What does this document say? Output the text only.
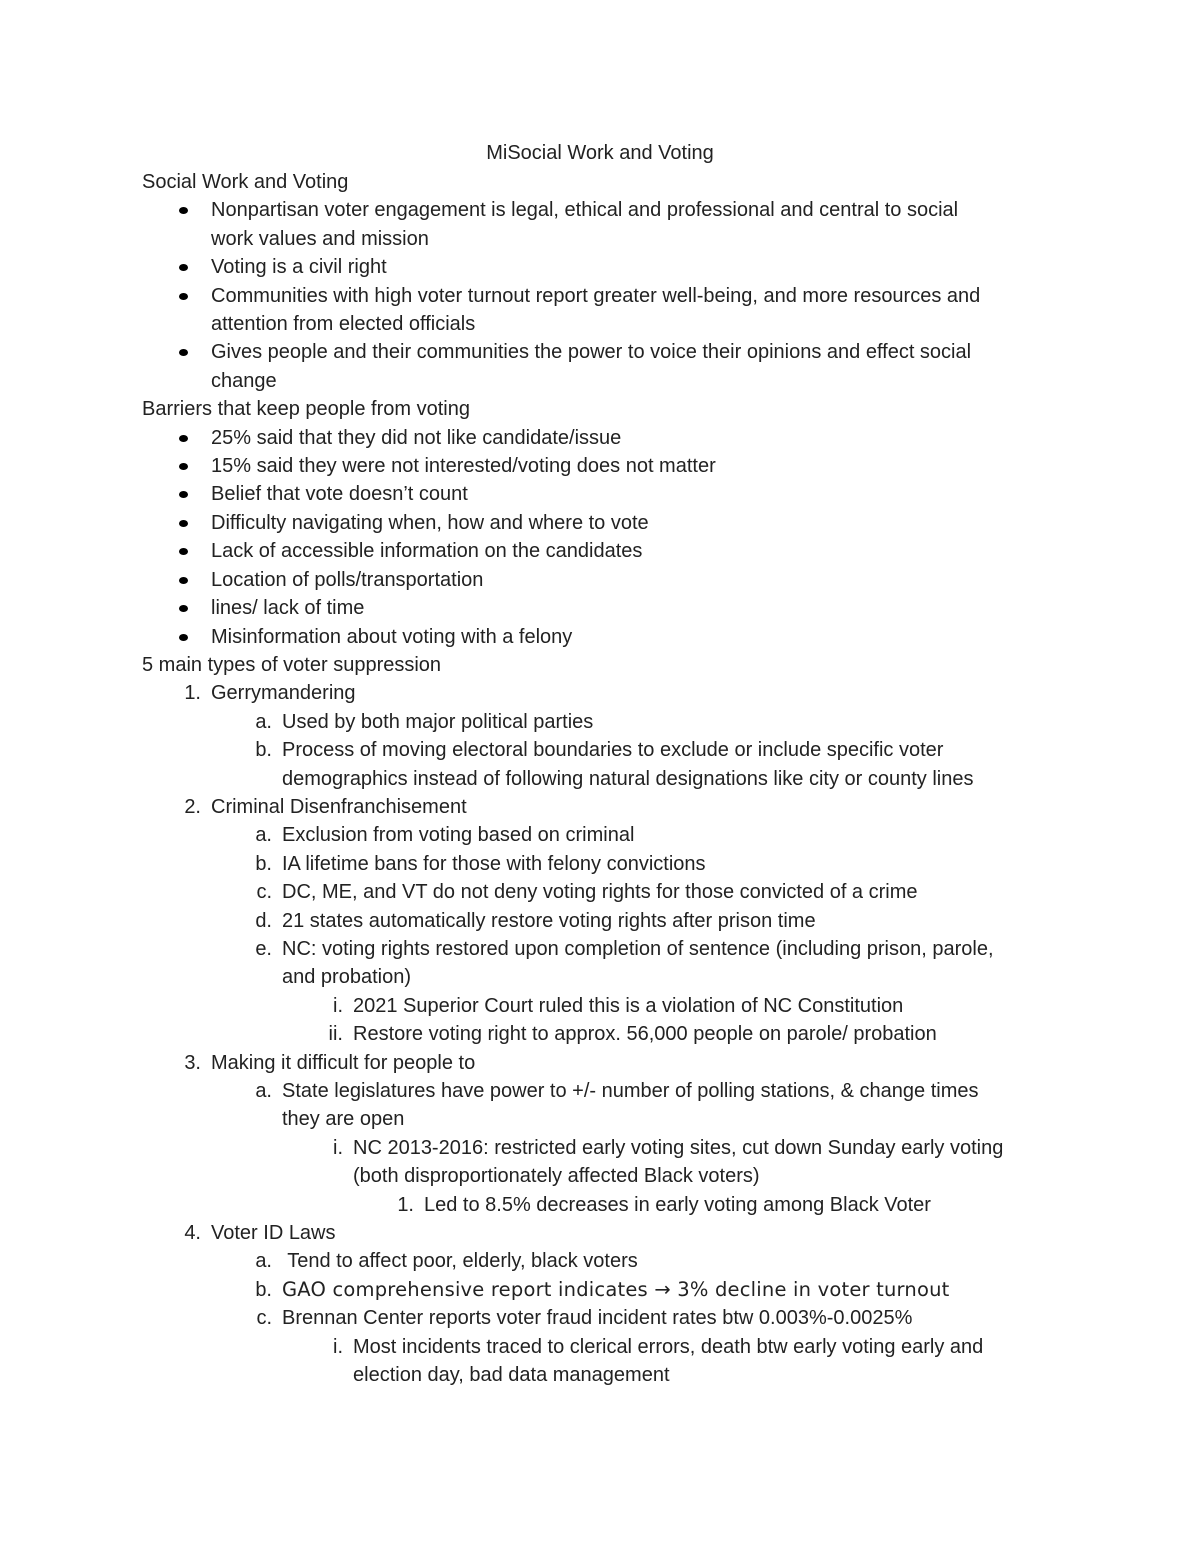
MiSocial Work and Voting
Social Work and Voting
Nonpartisan voter engagement is legal, ethical and professional and central to social
work values and mission
Voting is a civil right
Communities with high voter turnout report greater well-being, and more resources and
attention from elected officials
Gives people and their communities the power to voice their opinions and effect social
change
Barriers that keep people from voting
25% said that they did not like candidate/issue
15% said they were not interested/voting does not matter
Belief that vote doesn’t count
Difficulty navigating when, how and where to vote
Lack of accessible information on the candidates
Location of polls/transportation
lines/ lack of time
Misinformation about voting with a felony
5 main types of voter suppression
1. Gerrymandering
a. Used by both major political parties
b. Process of moving electoral boundaries to exclude or include specific voter
demographics instead of following natural designations like city or county lines
2. Criminal Disenfranchisement
a. Exclusion from voting based on criminal
b. IA lifetime bans for those with felony convictions
c. DC, ME, and VT do not deny voting rights for those convicted of a crime
d. 21 states automatically restore voting rights after prison time
e. NC: voting rights restored upon completion of sentence (including prison, parole,
and probation)
i. 2021 Superior Court ruled this is a violation of NC Constitution
ii. Restore voting right to approx. 56,000 people on parole/ probation
3. Making it difficult for people to
a. State legislatures have power to +/- number of polling stations, & change times
they are open
i. NC 2013-2016: restricted early voting sites, cut down Sunday early voting
(both disproportionately affected Black voters)
1. Led to 8.5% decreases in early voting among Black Voter
4. Voter ID Laws
a. Tend to affect poor, elderly, black voters
b. GAO comprehensive report indicates → 3% decline in voter turnout
c. Brennan Center reports voter fraud incident rates btw 0.003%-0.0025%
i. Most incidents traced to clerical errors, death btw early voting early and
election day, bad data management
